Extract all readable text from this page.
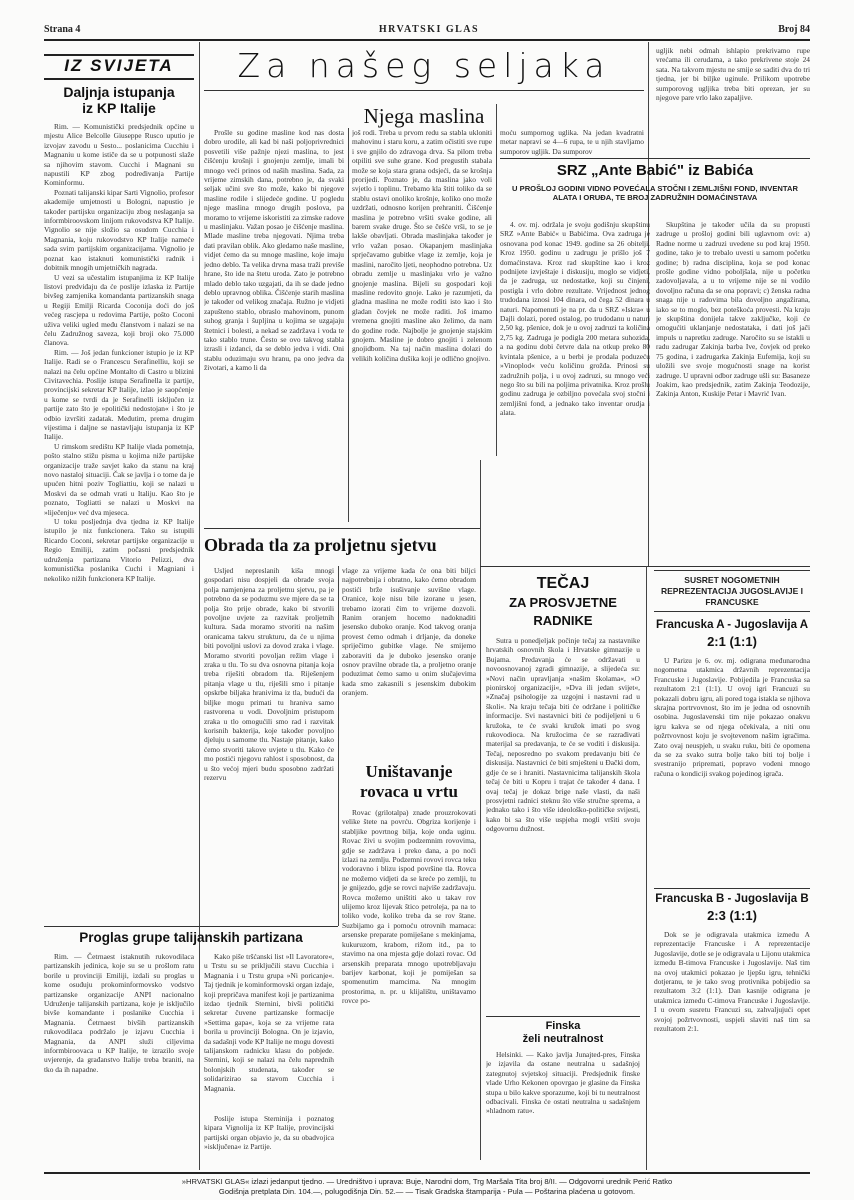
Strana 4	HRVATSKI GLAS	Broj 84
IZ SVIJETA
Daljnja istupanja
iz KP Italije

Rim. — Komunistički predsjednik općine u mjestu Alice Belcolle Giuseppe Rusco uputio je izvojav zavodu u Sesto... poslanicima Cucchiu i Magnaniu u kome ističe da se u potpunosti slaže sa njihovim stavom. Cucchi i Magnani su napustili KP zbog podređivanja Partije Kominformu.

Poznati talijanski kipar Sarti Vignolio, profesor akademije umjetnosti u Bologni, napustio je također partijsku organizaciju zbog neslaganja sa informbiroovskom linijom rukovodstva KP Italije. Vignolio se nije složio sa osudom Cucchia i Magnania, koju rukovodstvo KP Italije nameće sada svim partijskim organizacijama. Vignolio je poznat kao istaknuti komunistički radnik i dobitnik mnogih umjetničkih nagrada.

U vezi sa učestalim istupanjima iz KP Italije listovi predviđaju da će poslije izlaska iz Partije bivšeg zamjenika komandanta partizanskih snaga u Regiji Emilji Ricarda Coconija doći do još većeg rascjepa u redovima Partije, pošto Coconi uživa veliki ugled među članstvom i nalazi se na čelu Zadružnog saveza, koji broji oko 75.000 članova.

Rim. — Još jedan funkcioner istupio je iz KP Italije. Radi se o Francescu Serafinelliu, koji se nalazi na čelu općine Montalto di Castro u blizini Civitavechia. Poslije istupa Serafinella iz partije, provincijski sekretar KP Italije, izlao je saopćenje u kome se tvrdi da je Serafinelli isključen iz partije zato što je »politički nedostojan« i što je odbio izvršiti zadatak. Međutim, prema drugim vijestima i daljne se nastavljaju istupanja iz KP Italije.

U rimskom središtu KP Italije vlada pometnja, pošto stalno stižu pisma u kojima niže partijske organizacije traže savjet kako da stanu na kraj novo nastaloj situaciji. Čak se javlja i o tome da je upućen hitni poziv Togliattiu, koji se nalazi u Moskvi da se odmah vrati u Italiju. Kao što je poznato, Togliatti se nalazi u Moskvi na »liječenju« već dva mjeseca.

U toku posljednja dva tjedna iz KP Italije istupilo je niz funkcionera. Tako su istupili Ricardo Coconi, sekretar partijske organizacije u Regio Emiliji, zatim počasni predsjednik udruženja partizana Vitorio Pelizzi, dva komunistička poslanika Cuchi i Magniani i nekoliko nižih funkcionera KP Italije.

Za našeg seljaka
Njega maslina

Prošle su godine masline kod nas dosta dobro urodile, ali kad bi naši poljoprivrednici posvetili više pažnje njezi maslina, to jest čišćenju krošnji i gnojenju zemlje, imali bi mnogo veći prinos od naših maslina. Sada, za vrijeme zimskih dana, potrebno je, da svaki seljak učini sve što može, kako bi njegove masline rodile i slijedeće godine. U pogledu njege maslina mnogo drugih poslova, pa moramo to vrijeme iskoristiti za zimske radove u maslinjaku. Važan posao je čišćenje maslina. Mlade masline treba njegovati. Njima treba dati pravilan oblik. Ako gledamo naše masline, vidjet ćemo da su mnoge masline, koje imaju jedno deblo. Ta velika drvna masa traži previše hrane, što ide na štetu uroda. Zato je potrebno mlado deblo tako uzgajati, da ih se dade jedno deblo upravnog oblika. Čišćenje starih maslina je također od velikog značaja. Ružno je vidjeti zapušteno stablo, obraslo mahovinom, punom suhog granja i šupljina u kojima se uzgajaju štetnici i bolesti, a nekad se zadržava i voda te tako stablo trune. Često se ovo takvog stabla izrasli i izdanci, da se deblo jedva i vidi. Oni stablu oduzimaju svu hranu, pa ono jedva da životari, a kamo li da

još rodi. Treba u prvom redu sa stabla ukloniti mahovinu i staru koru, a zatim očistiti sve rupe i sve gnjilo do zdravoga drva. Sa pilom treba otpiliti sve suhe grane. Kod pregustih stabala može se koja stara grana odsjeći, da se krošnja prorijedi. Poznato je, da maslina jako voli svjetlo i toplinu. Trebamo kla štiti toliko da se stablu ostavi onoliko krošnje, koliko ono može uzdržati, odnosno korijen prehraniti. Čišćenje maslina je potrebno vršiti svake godine, ali barem svake druge. Što se češće vrši, to se je lakše obavljati. Obrada maslinjaka također je vrlo važan posao. Okapanjem maslinjaka sprječavamo gubitke vlage iz zemlje, koja je maslini, naročito ljeti, neophodno potrebna. Uz obradu zemlje u maslinjaku vrlo je važno gnojenje maslina. Bijeli su gospodari koji masline redovito gnoje. Lako je razumjeti, da gladna maslina ne može roditi isto kao i što gladan čovjek ne može raditi. Još imamo vremena gnojiti masline ako želimo, da nam do godine rode. Najbolje je gnojenje stajskim gnojem. Masline je dobro gnojiti i zelenom gnojidbom. Na taj način maslina dolazi do velikih količina dušika koji je odlično gnojivo.

moću sumpornog uglika. Na jedan kvadratni metar napravi se 4—6 rupa, te u njih stavljamo sumporov ugljik. Da sumporov

SRZ „Ante Babić" iz Babića
U PROŠLOJ GODINI VIDNO POVEĆALA STOČNI I ZEMLJIŠNI FOND, INVENTAR ALATA I ORUĐA, TE BROJ ZADRUŽNIH DOMAĆINSTAVA

4. ov. mj. održala je svoju godišnju skupštinu SRZ »Ante Babić« u Babićima. Ova zadruga je osnovana pod konac 1949. godine sa 26 obitelji. Kroz 1950. godinu u zadrugu je prišlo još 7 domaćinstava. Kroz rad skupštine kao i kroz podnijete izvještaje i diskusiju, moglo se vidjeti, da je zadruga, uz nedostatke, koji su činjeni, postigla i vrlo dobre rezultate. Vrijednost jednog trudodana iznosi 104 dinara, od čega 52 dinara u naturi. Napomenuti je na pr. da u SRZ »Iskra« u Dajli dolazi, pored ostalog, po trudodanu u naturi 2,50 kg. pšenice, dok je u ovoj zadruzi ta količina 2,75 kg. Zadruga je podigla 200 metara suhozida, a na godinu dobi četvre dala na otkup preko 80 kvintala pšenice, a u berbi je prodala poduzeću »Vinoplod« veću količinu grožđa. Prinosi su zadružnih polja, i u ovoj zadruzi, su mnogo veći nego što su bili na poljima privatnika. Kroz prošlu godinu zadruga je ozbiljno povećala svoj stočni i zemljišni fond, a jednako tako inventar orudja i alata.

Skupština je također učila da su propusti zadruge u prošloj godini bili uglavnom ovi: a) Radne norme u zadruzi uvedene su pod kraj 1950. godine, tako je to trebalo uvesti u samom početku godine; b) radna disciplina, koja se pod konac prošle godine vidno poboljšala, nije u početku zadovoljavala, a u to vrijeme nije se ni vodilo dovoljno računa da se ona popravi; c) ženska radna snaga nije u radovima bila dovoljno angažirana, iako se to moglo, bez poteškoća provesti. Na kraju je skupština donijela takve zaključke, koji će omogućiti uklanjanje nedostataka, i dati još jači impuls u napretku zadruge. Naročito su se istakli u radu zadrugar Zakinja barba Ive, čovjek od preko 75 godina, i zadrugarka Zakinja Eufemija, koji su uložili sve svoje mogućnosti snage na korist zadruge. U upravni odbor zadruge ušli su: Basaneze Joakim, kao predsjednik, zatim Zakinja Teodozije, Zakinja Anton, Kuskije Petar i Mavrić Ivan.

ugljik nebi odmah ishlapio prekrivamo rupe vrećama ili cerudama, a tako prekrivene stoje 24 sata. Na takvom mjestu ne smije se saditi dva do tri tjedna, jer bi biljke uginule. Prilikom upotrebe sumporovog ugljika treba biti oprezan, jer su njegove pare vrlo lako zapaljive.

Obrada tla za proljetnu sjetvu

Usljed nepreslanih kiša mnogi gospodari nisu dospjeli da obrade svoja polja namjenjena za proljetnu sjetvu, pa je potrebno da se poduzmu sve mjere da se ta polja što prije obrade, kako bi stvorili povoljne uvjete za razvitak proljetnih kultura. Sada moramo stvoriti na našim oranicama takvu strukturu, da će u njima biti povoljni uslovi za dovod zraka i vlage. Moramo stvoriti povoljan režim vlage i zraka u tlu. To su dva osnovna pitanja koja treba riješiti obradom tla. Riješenjem pitanja vlage u tlu, riješili smo i pitanje opskrbe biljaka hranivima iz tla, budući da biljke mogu primati tu hraniva samo rastvorena u vodi. Dovoljnim pristupom zraka u tlo omogućili smo rad i razvitak korisnih bakterija, koje također povoljno djeluju u samome tlu. Nastaje pitanje, kako ćemo stvoriti takove uvjete u tlu. Kako će mo postići njegovu rahlost i sposobnost, da u što većoj mjeri budu sposobno zadržati rezervu

vlage za vrijeme kada će ona biti biljci najpotrebnija i obratno, kako ćemo obradom postići brže isušivanje suvišne vlage. Oranice, koje nisu bile izorane u jesen, trebamo izorati čim to vrijeme dozvoli. Ranim oranjem hocemo nadoknaditi jesensko duboko oranje. Kod takvog oranja provest ćemo odmah i drljanje, da doneke spriječimo gubitke vlage. Ne smijemo zaboraviti da je duboko jesensko oranje osnov pravilne obrade tla, a proljetno oranje poduzimat ćemo samo u onim slučajevima kada smo zakasnili s jesenskim dubokim oranjem.

Uništavanje
rovaca u vrtu

Rovac (grilotalpa) znade prouzrokovati velike štete na povrću. Obgriza korijenje i stabljike povrtnog bilja, koje onda uginu. Rovac živi u svojim podzemnim rovovima, gdje se zadržava i preko dana, a po noći izlazi na zemlju. Podzemni rovovi rovca teku vodoravno i blizu ispod površine tla. Rovca ne možemo vidjeti da se kreće po zemlji, tu je gnijezdo, gdje se rovci najviše zadržavaju. Rovca možemo uništiti ako u takav rov ulijemo kroz lijevak štico petroleja, pa na to toliko vode, koliko treba da se rov štane. Suzbijamo ga i pomoću otrovnih mamaca: arsenske preparate pomiješane s mekinjama, kukuruzom, krabom, rižom itd., pa to stavimo na ona mjesta gdje dolazi rovac. Od arsenskih preparata mnogo upotrebljavaju barijev karbonat, koji je pomiješan sa spomenutim mamcima. Na mnogim prostorima, n. pr. u klijalištu, uništavamo rovce po-

TEČAJ
ZA PROSVJETNE
RADNIKE

Sutra u ponedjeljak počinje tečaj za nastavnike hrvatskih osnovnih škola i Hrvatske gimnazije u Bujama. Predavanja će se održavati u novoosnovanoj zgradi gimnazije, a slijedeća su: »Novi način upravljanja »našim školama«, »O pionirskoj organizaciji«, »Dva ili jedan svijet«, »Značaj psihologije za uzgojni i nastavni rad u školi«. Na kraju tečaja biti će održane i političke informacije. Svi nastavnici biti će podijeljeni u 6 kružoka, te će svaki kružok imati po svog rukovodioca. Na kružocima će se razrađivati materijal sa predavanja, te će se voditi i diskusija. Tečaj, neposredno po svakom predavanju biti će diskusija. Nastavnici će biti smješteni u Đački dom, gdje će se i hraniti. Nastavnicima talijanskih škola tečaj će biti u Kopru i trajat će također 4 dana. I ovaj tečaj je dokaz brige naše vlasti, da naši prosvjetni radnici steknu što više stručne sprema, a jednako tako i što više ideološko-političke svijesti, kako bi sa što više uspjeha mogli vršiti svoju odgovornu dužnost.

Finska
želi neutralnost

Helsinki. — Kako javlja Junajted-pres, Finska je izjavila da ostane neutralna u sadašnjoj zategnutoj svjetskoj situaciji. Predsjednik finske vlade Urho Kekonen opovrgao je glasine da Finska stupa u bilo kakve sporazume, koji bi tu neutralnost odbacivali. Finska će ostati neutralna u sadašnjem »hladnom ratu«.

SUSRET NOGOMETNIH REPREZENTACIJA JUGOSLAVIJE I FRANCUSKE
Francuska A - Jugoslavija A
2:1 (1:1)

U Parizu je 6. ov. mj. odigrana međunarodna nogometna utakmica državnih reprezentacija Francuske i Jugoslavije. Pobijedila je Francuska sa rezultatom 2:1 (1:1). U ovoj igri Francuzi su pokazali dobru igru, ali pored toga istakla se njihova skrajna portrvovnost, što im je jedna od osnovnih osobina. Jugoslavenski tim nije pokazao onakvu igru kakva se od njega očekivala, a niti onu požrtvovnost koju je svojtevenom našim igračima. Zato ovaj neuspjeh, u svaku ruku, biti će opomena da se za svako sutra bolje tako biti toj bolje i svestranijo pripremati, popravo vođeni mnogo računa o kondiciji svakog pojedinog igrača.

Francuska B - Jugoslavija B
2:3 (1:1)

Dok se je odigravala utakmica između A reprezentacije Francuske i A reprezentacije Jugoslavije, dotle se je odigravala u Lijonu utakmica između B-timova Francuske i Jugoslavije. Naš tim na ovoj utakmici pokazao je ljepšu igru, tehnički dotjeranu, te je tako svog protivnika pobijedio sa rezultatom 3:2 (1:1). Dan kasnije odigrana je utakmica između C-timova Francuske i Jugoslavije. I u ovom susretu Francuzi su, zahvaljujući opet svojoj požrtvovnosti, uspjeli slaviti naš tim sa rezultatom 2:1.

Proglas grupe talijanskih partizana

Rim. — Četrnaest istaknutih rukovodilaca partizanskih jedinica, koje su se u prošlom ratu borile u provinciji Emiliji, izdali su proglas u kome osuđuju prokominformovsko vodstvo partizanske organizacije ANPI nacionalno Udruženje talijanskih partizana, koje je isključilo bivše komandante i poslanike Cucchia i Magnania. Četrnaest bivših partizanskih rukovodilaca podržalo je izjavu Cucchia i Magnania, da ANPI služi ciljevima informbiroovaca u KP Italije, te izrazilo svoje uvjerenje, da građanstvo Italije treba braniti, na tko da ih napadne.

Kako piše tršćanski list »Il Lavoratore«, u Trstu su se priključili stavu Cucchia i Magnania i u Trstu grupa »Ni poricanje«. Taj tjednik je kominformovski organ izdaje, koji prepričava manifest koji je partizanima izdao tjednik Sternini, bivši politički sekretar čuvene partizanske formacije »Settima gapa«, koja se za vrijeme rata borila u provinciji Bologna. On je izjavio, da sadašnji vođe KP Italije ne mogu dovesti talijanskom radnicku klasu do pobjede. Sternini, koji se nalazi na čelu naprednih bolonjskih studenata, također se solidarizirao sa stavom Cucchia i Magnania.

Poslije istupa Sterninija i poznatog kipara Vignolija iz KP Italije, provincijski partijski organ objavio je, da su obadvojica »isključena« iz Partije.

»HRVATSKI GLAS« izlazi jedanput tjedno. — Uredništvo i uprava: Buje, Narodni dom, Trg Maršala Tita broj 8/II. — Odgovorni urednik Perić Ratko
Godišnja pretplata Din. 104.—, polugodišnja Din. 52.— — Tisak Gradska štamparija - Pula — Poštarina plaćena u gotovom.
